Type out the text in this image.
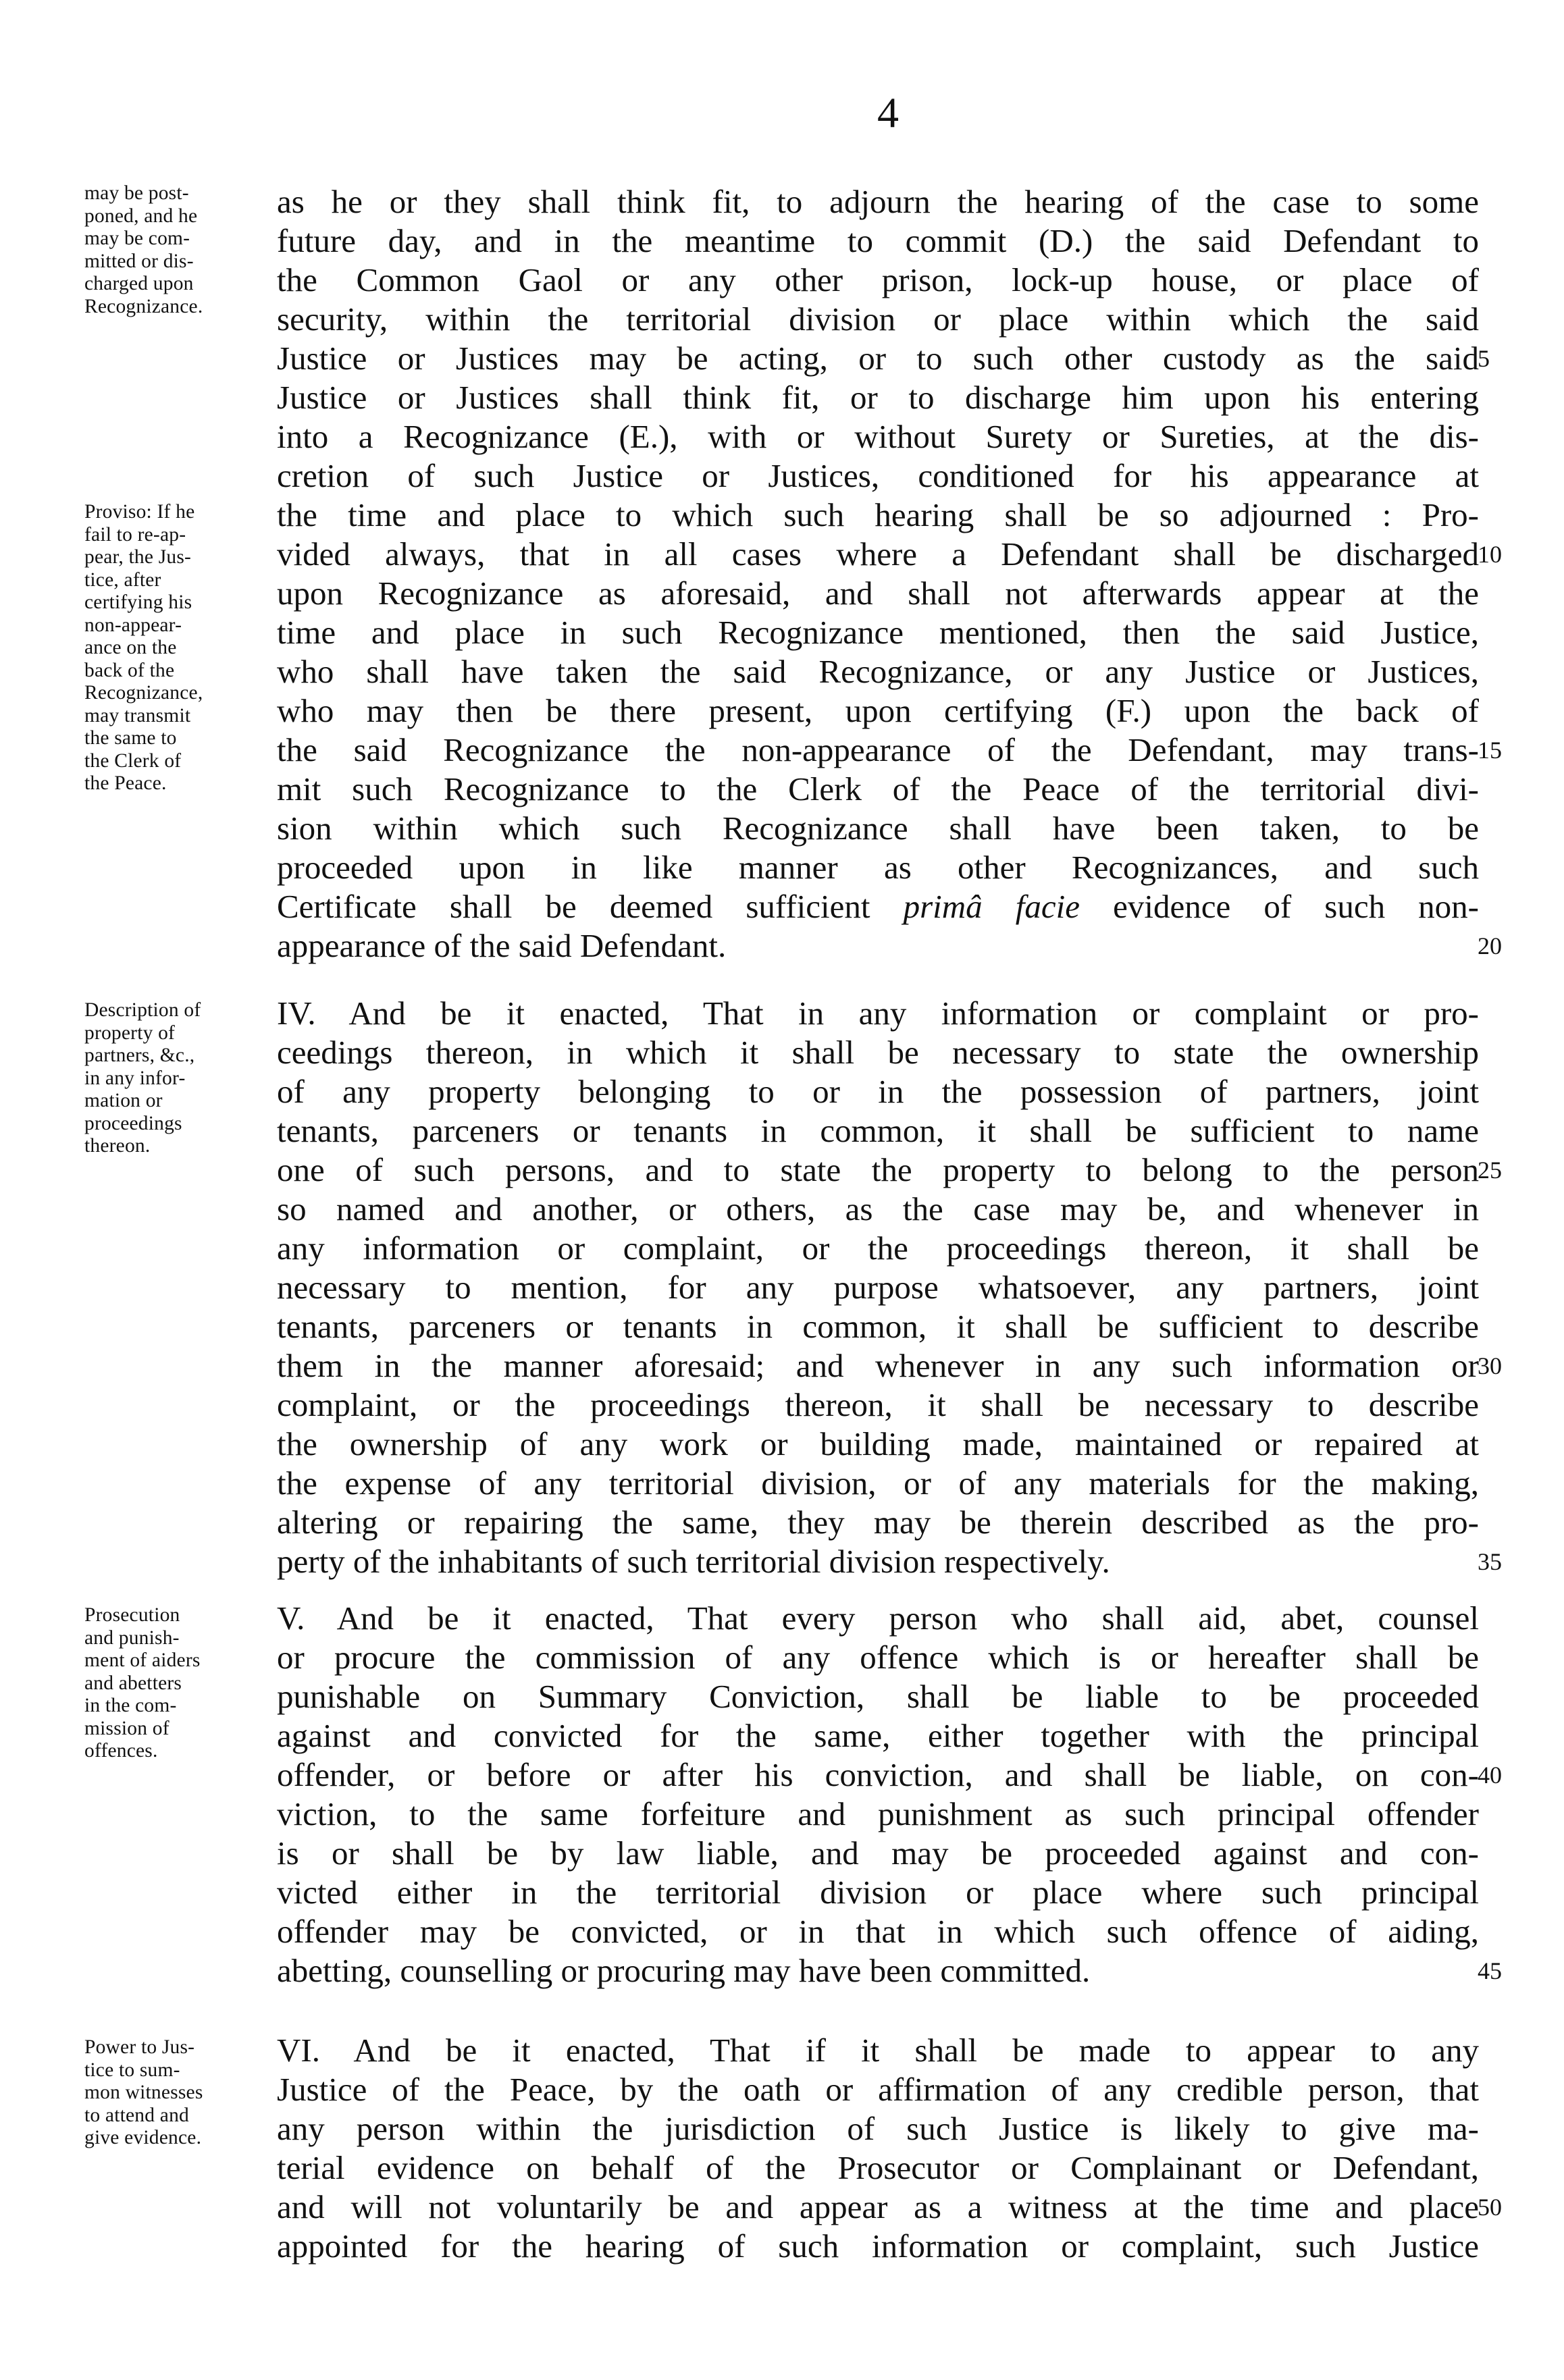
4
may be post-
poned, and he
may be com-
mitted or dis-
charged upon
Recognizance.
as he or they shall think fit, to adjourn the hearing of the case to some
future day, and in the meantime to commit (D.) the said Defendant to
the Common Gaol or any other prison, lock-up house, or place of
security, within the territorial division or place within which the said
Justice or Justices may be acting, or to such other custody as the said
Justice or Justices shall think fit, or to discharge him upon his entering
into a Recognizance (E.), with or without Surety or Sureties, at the dis-
cretion of such Justice or Justices, conditioned for his appearance at
Proviso: If he
fail to re-ap-
pear, the Jus-
tice, after
certifying his
non-appear-
ance on the
back of the
Recognizance,
may transmit
the same to
the Clerk of
the Peace.
the time and place to which such hearing shall be so adjourned : Pro-
vided always, that in all cases where a Defendant shall be discharged
upon Recognizance as aforesaid, and shall not afterwards appear at the
time and place in such Recognizance mentioned, then the said Justice,
who shall have taken the said Recognizance, or any Justice or Justices,
who may then be there present, upon certifying (F.) upon the back of
the said Recognizance the non-appearance of the Defendant, may trans-
mit such Recognizance to the Clerk of the Peace of the territorial divi-
sion within which such Recognizance shall have been taken, to be
proceeded upon in like manner as other Recognizances, and such
Certificate shall be deemed sufficient primâ facie evidence of such non-
appearance of the said Defendant.
Description of
property of
partners, &c.,
in any infor-
mation or
proceedings
thereon.
IV. And be it enacted, That in any information or complaint or pro-
ceedings thereon, in which it shall be necessary to state the ownership
of any property belonging to or in the possession of partners, joint
tenants, parceners or tenants in common, it shall be sufficient to name
one of such persons, and to state the property to belong to the person
so named and another, or others, as the case may be, and whenever in
any information or complaint, or the proceedings thereon, it shall be
necessary to mention, for any purpose whatsoever, any partners, joint
tenants, parceners or tenants in common, it shall be sufficient to describe
them in the manner aforesaid; and whenever in any such information or
complaint, or the proceedings thereon, it shall be necessary to describe
the ownership of any work or building made, maintained or repaired at
the expense of any territorial division, or of any materials for the making,
altering or repairing the same, they may be therein described as the pro-
perty of the inhabitants of such territorial division respectively.
Prosecution
and punish-
ment of aiders
and abetters
in the com-
mission of
offences.
V. And be it enacted, That every person who shall aid, abet, counsel
or procure the commission of any offence which is or hereafter shall be
punishable on Summary Conviction, shall be liable to be proceeded
against and convicted for the same, either together with the principal
offender, or before or after his conviction, and shall be liable, on con-
viction, to the same forfeiture and punishment as such principal offender
is or shall be by law liable, and may be proceeded against and con-
victed either in the territorial division or place where such principal
offender may be convicted, or in that in which such offence of aiding,
abetting, counselling or procuring may have been committed.
Power to Jus-
tice to sum-
mon witnesses
to attend and
give evidence.
VI. And be it enacted, That if it shall be made to appear to any
Justice of the Peace, by the oath or affirmation of any credible person, that
any person within the jurisdiction of such Justice is likely to give ma-
terial evidence on behalf of the Prosecutor or Complainant or Defendant,
and will not voluntarily be and appear as a witness at the time and place
appointed for the hearing of such information or complaint, such Justice
5
10
15
20
25
30
35
40
45
50
